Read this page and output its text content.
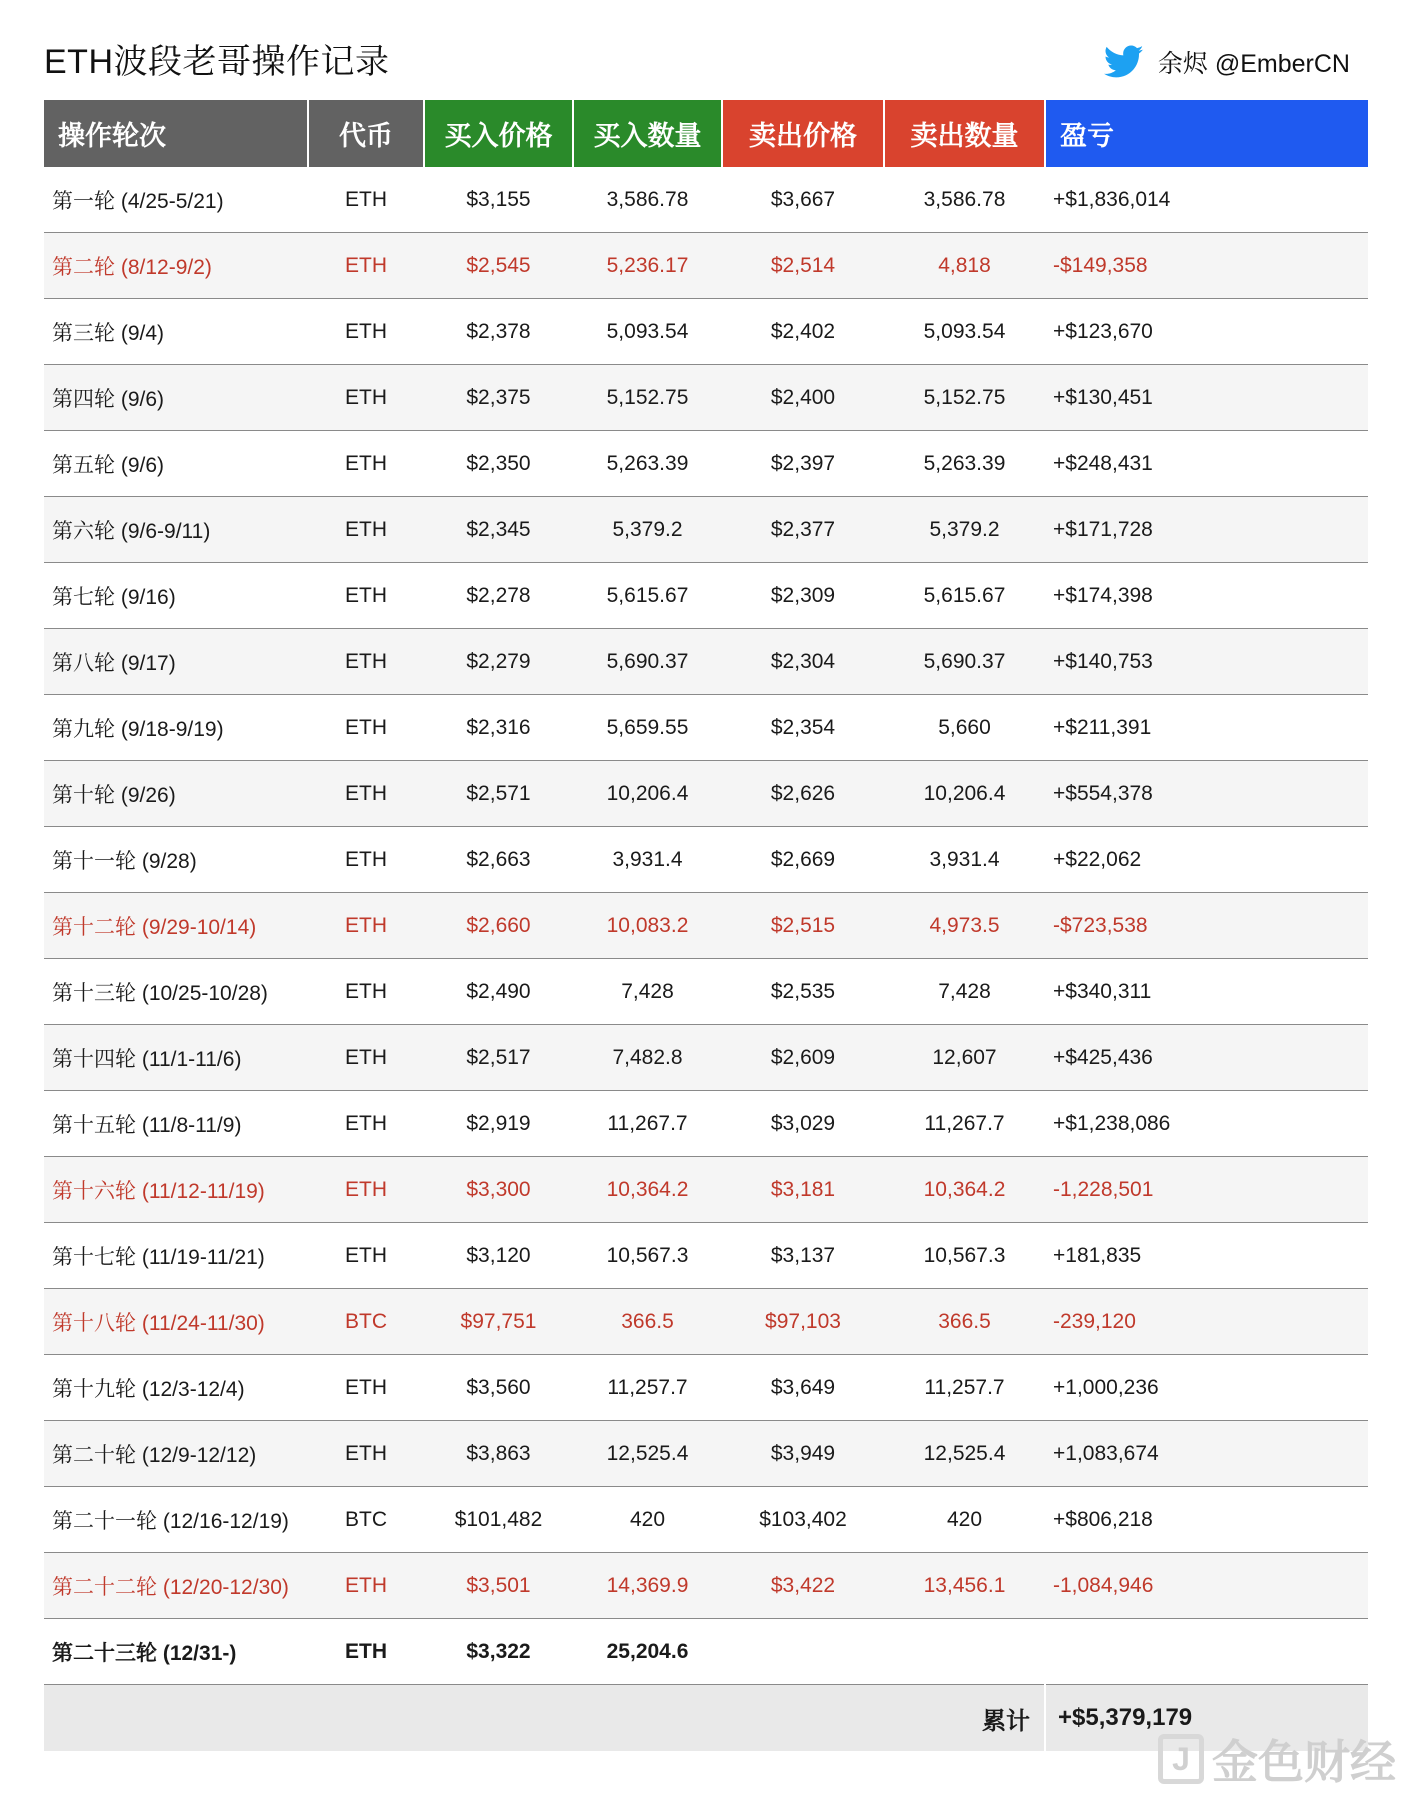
ETH波段老哥操作记录	余烬 @EmberCN
操作轮次	代币	买入价格	买入数量	卖出价格	卖出数量	盈亏
第一轮 (4/25-5/21)	ETH	$3,155	3,586.78	$3,667	3,586.78	+$1,836,014
第二轮 (8/12-9/2)	ETH	$2,545	5,236.17	$2,514	4,818	-$149,358
第三轮 (9/4)	ETH	$2,378	5,093.54	$2,402	5,093.54	+$123,670
第四轮 (9/6)	ETH	$2,375	5,152.75	$2,400	5,152.75	+$130,451
第五轮 (9/6)	ETH	$2,350	5,263.39	$2,397	5,263.39	+$248,431
第六轮 (9/6-9/11)	ETH	$2,345	5,379.2	$2,377	5,379.2	+$171,728
第七轮 (9/16)	ETH	$2,278	5,615.67	$2,309	5,615.67	+$174,398
第八轮 (9/17)	ETH	$2,279	5,690.37	$2,304	5,690.37	+$140,753
第九轮 (9/18-9/19)	ETH	$2,316	5,659.55	$2,354	5,660	+$211,391
第十轮 (9/26)	ETH	$2,571	10,206.4	$2,626	10,206.4	+$554,378
第十一轮 (9/28)	ETH	$2,663	3,931.4	$2,669	3,931.4	+$22,062
第十二轮 (9/29-10/14)	ETH	$2,660	10,083.2	$2,515	4,973.5	-$723,538
第十三轮 (10/25-10/28)	ETH	$2,490	7,428	$2,535	7,428	+$340,311
第十四轮 (11/1-11/6)	ETH	$2,517	7,482.8	$2,609	12,607	+$425,436
第十五轮 (11/8-11/9)	ETH	$2,919	11,267.7	$3,029	11,267.7	+$1,238,086
第十六轮 (11/12-11/19)	ETH	$3,300	10,364.2	$3,181	10,364.2	-1,228,501
第十七轮 (11/19-11/21)	ETH	$3,120	10,567.3	$3,137	10,567.3	+181,835
第十八轮 (11/24-11/30)	BTC	$97,751	366.5	$97,103	366.5	-239,120
第十九轮 (12/3-12/4)	ETH	$3,560	11,257.7	$3,649	11,257.7	+1,000,236
第二十轮 (12/9-12/12)	ETH	$3,863	12,525.4	$3,949	12,525.4	+1,083,674
第二十一轮 (12/16-12/19)	BTC	$101,482	420	$103,402	420	+$806,218
第二十二轮 (12/20-12/30)	ETH	$3,501	14,369.9	$3,422	13,456.1	-1,084,946
第二十三轮 (12/31-)	ETH	$3,322	25,204.6			
累计						+$5,379,179
J 金色财经
